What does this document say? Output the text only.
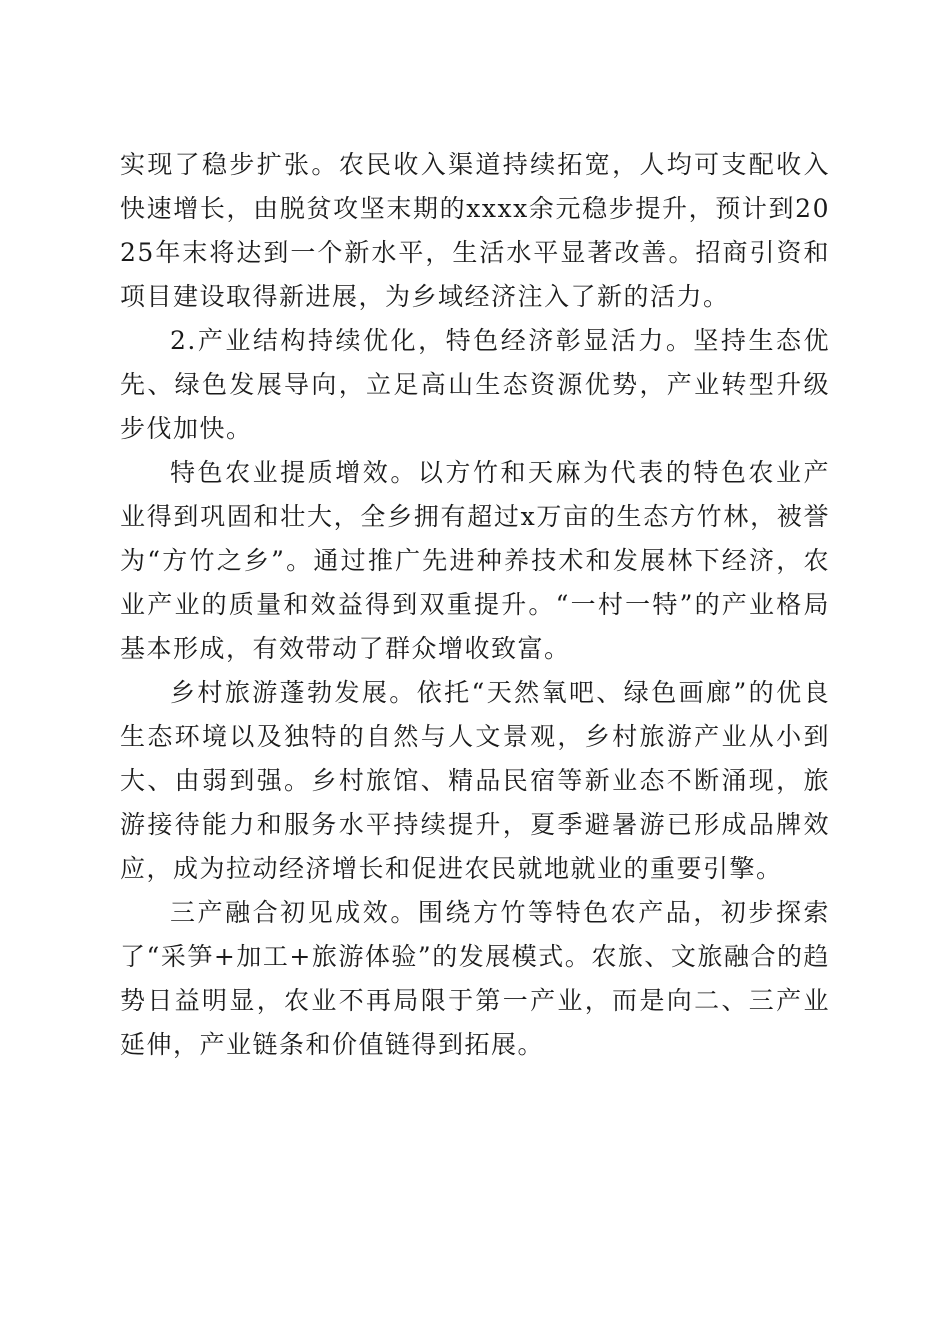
实现了稳步扩张。农民收入渠道持续拓宽，人均可支配收入快速增长，由脱贫攻坚末期的xxxx余元稳步提升，预计到2025年末将达到一个新水平，生活水平显著改善。招商引资和项目建设取得新进展，为乡域经济注入了新的活力。

2.产业结构持续优化，特色经济彰显活力。坚持生态优先、绿色发展导向，立足高山生态资源优势，产业转型升级步伐加快。

特色农业提质增效。以方竹和天麻为代表的特色农业产业得到巩固和壮大，全乡拥有超过x万亩的生态方竹林，被誉为“方竹之乡”。通过推广先进种养技术和发展林下经济，农业产业的质量和效益得到双重提升。“一村一特”的产业格局基本形成，有效带动了群众增收致富。

乡村旅游蓬勃发展。依托“天然氧吧、绿色画廊”的优良生态环境以及独特的自然与人文景观，乡村旅游产业从小到大、由弱到强。乡村旅馆、精品民宿等新业态不断涌现，旅游接待能力和服务水平持续提升，夏季避暑游已形成品牌效应，成为拉动经济增长和促进农民就地就业的重要引擎。

三产融合初见成效。围绕方竹等特色农产品，初步探索了“采笋+加工+旅游体验”的发展模式。农旅、文旅融合的趋势日益明显，农业不再局限于第一产业，而是向二、三产业延伸，产业链条和价值链得到拓展。
